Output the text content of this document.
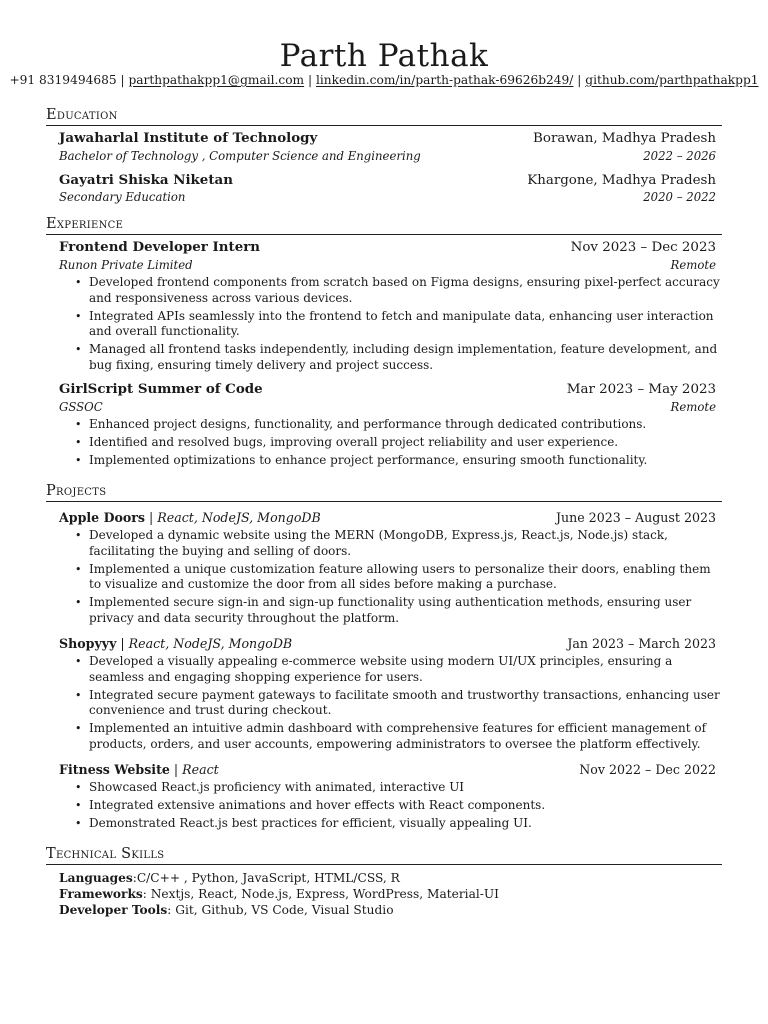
Parth Pathak
+91 8319494685 | parthpathakpp1@gmail.com | linkedin.com/in/parth-pathak-69626b249/ | github.com/parthpathakpp1
Education
Jawaharlal Institute of Technology	Borawan, Madhya Pradesh
Bachelor of Technology , Computer Science and Engineering	2022 – 2026
Gayatri Shiska Niketan	Khargone, Madhya Pradesh
Secondary Education	2020 – 2022
Experience
Frontend Developer Intern	Nov 2023 – Dec 2023
Runon Private Limited	Remote
• Developed frontend components from scratch based on Figma designs, ensuring pixel-perfect accuracy and responsiveness across various devices.
• Integrated APIs seamlessly into the frontend to fetch and manipulate data, enhancing user interaction and overall functionality.
• Managed all frontend tasks independently, including design implementation, feature development, and bug fixing, ensuring timely delivery and project success.
GirlScript Summer of Code	Mar 2023 – May 2023
GSSOC	Remote
• Enhanced project designs, functionality, and performance through dedicated contributions.
• Identified and resolved bugs, improving overall project reliability and user experience.
• Implemented optimizations to enhance project performance, ensuring smooth functionality.
Projects
Apple Doors | React, NodeJS, MongoDB	June 2023 – August 2023
• Developed a dynamic website using the MERN (MongoDB, Express.js, React.js, Node.js) stack, facilitating the buying and selling of doors.
• Implemented a unique customization feature allowing users to personalize their doors, enabling them to visualize and customize the door from all sides before making a purchase.
• Implemented secure sign-in and sign-up functionality using authentication methods, ensuring user privacy and data security throughout the platform.
Shopyyy | React, NodeJS, MongoDB	Jan 2023 – March 2023
• Developed a visually appealing e-commerce website using modern UI/UX principles, ensuring a seamless and engaging shopping experience for users.
• Integrated secure payment gateways to facilitate smooth and trustworthy transactions, enhancing user convenience and trust during checkout.
• Implemented an intuitive admin dashboard with comprehensive features for efficient management of products, orders, and user accounts, empowering administrators to oversee the platform effectively.
Fitness Website | React	Nov 2022 – Dec 2022
• Showcased React.js proficiency with animated, interactive UI
• Integrated extensive animations and hover effects with React components.
• Demonstrated React.js best practices for efficient, visually appealing UI.
Technical Skills
Languages:C/C++ , Python, JavaScript, HTML/CSS, R
Frameworks: Nextjs, React, Node.js, Express, WordPress, Material-UI
Developer Tools: Git, Github, VS Code, Visual Studio
